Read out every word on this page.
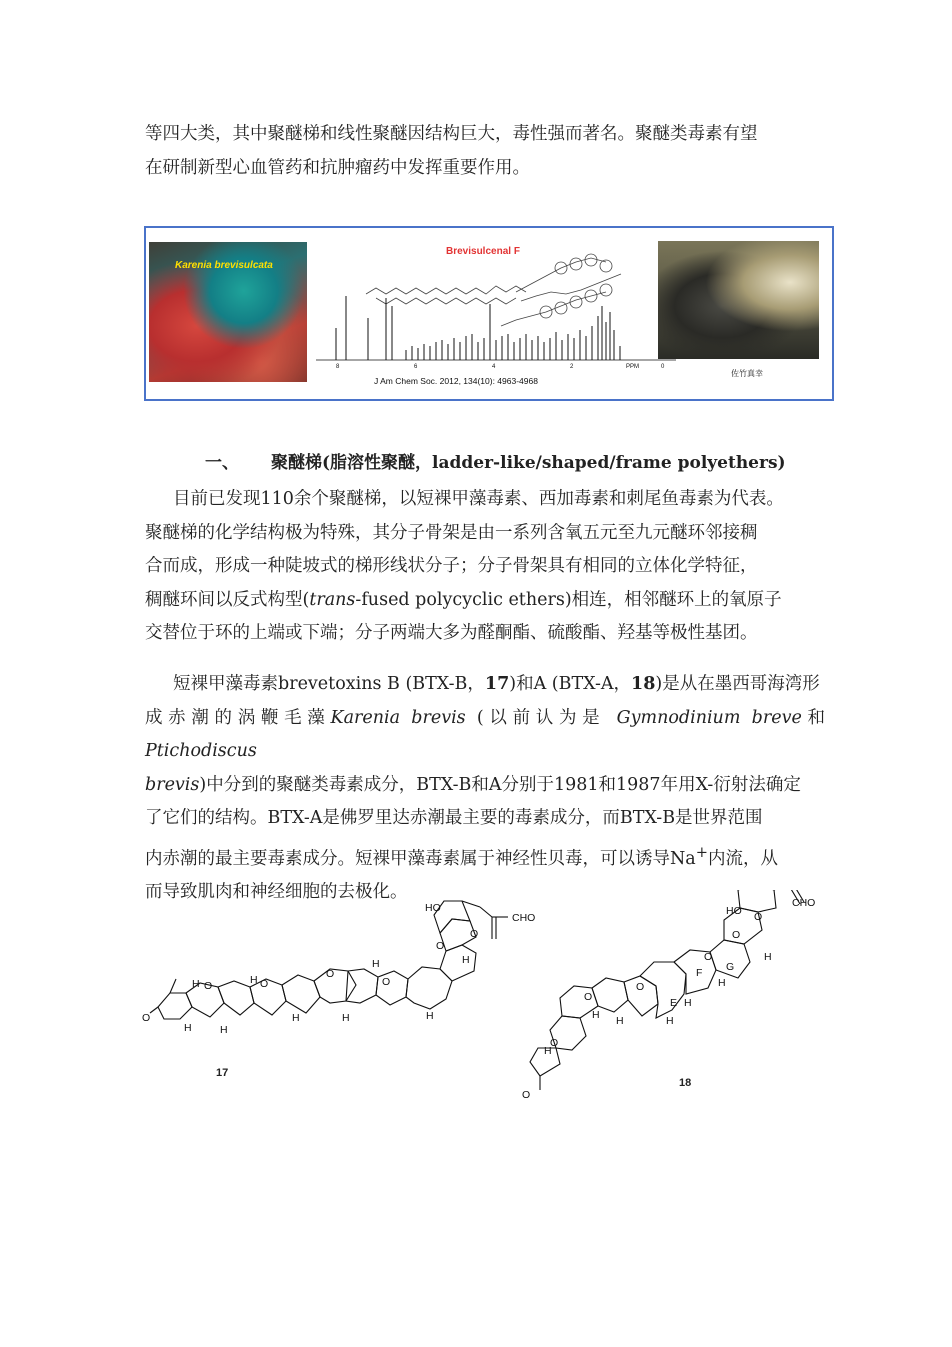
等四大类，其中聚醚梯和线性聚醚因结构巨大，毒性强而著名。聚醚类毒素有望
在研制新型心血管药和抗肿瘤药中发挥重要作用。

Karenia brevisulcata
Brevisulcenal F
8	6	4	2	PPM	0
J Am Chem Soc. 2012, 134(10): 4963-4968
佐竹真幸
一、 聚醚梯(脂溶性聚醚，ladder-like/shaped/frame polyethers)

目前已发现110余个聚醚梯，以短裸甲藻毒素、西加毒素和刺尾鱼毒素为代表。
聚醚梯的化学结构极为特殊，其分子骨架是由一系列含氧五元至九元醚环邻接稠
合而成，形成一种陡坡式的梯形线状分子；分子骨架具有相同的立体化学特征，
稠醚环间以反式构型(trans-fused polycyclic ethers)相连，相邻醚环上的氧原子
交替位于环的上端或下端；分子两端大多为醛酮酯、硫酸酯、羟基等极性基团。

短裸甲藻毒素brevetoxins B (BTX-B，17)和A (BTX-A，18)是从在墨西哥海湾形
成赤潮的涡鞭毛藻Karenia brevis (以前认为是 Gymnodinium breve和 Ptichodiscus
brevis)中分到的聚醚类毒素成分，BTX-B和A分别于1981和1987年用X-衍射法确定
了它们的结构。BTX-A是佛罗里达赤潮最主要的毒素成分，而BTX-B是世界范围
内赤潮的最主要毒素成分。短裸甲藻毒素属于神经性贝毒，可以诱导Na+内流，从
而导致肌肉和神经细胞的去极化。

O
HO
CHO
O	O
O
O
O
O
H	H
H
H	H
H	H	H
H
17
O
HO
CHO
E
F G
O
O
O
O
O
O
H
H H	H
H
H
H
18
